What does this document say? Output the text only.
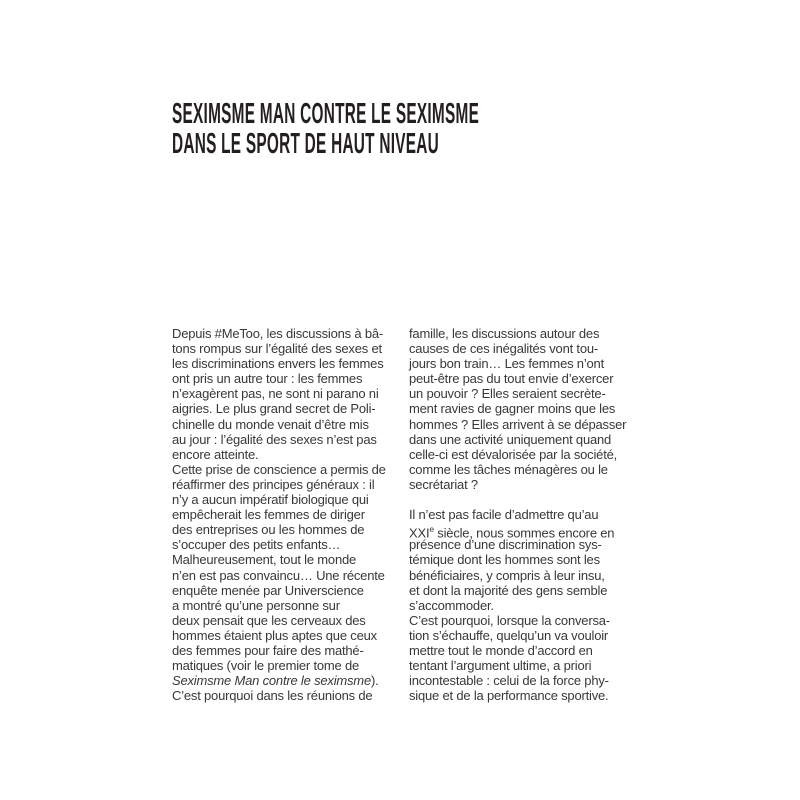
SEXIMSME MAN CONTRE LE SEXIMSME
DANS LE SPORT DE HAUT NIVEAU
Depuis #MeToo, les discussions à bâ-
tons rompus sur l’égalité des sexes et
les discriminations envers les femmes
ont pris un autre tour : les femmes
n’exagèrent pas, ne sont ni parano ni
aigries. Le plus grand secret de Poli-
chinelle du monde venait d’être mis
au jour : l’égalité des sexes n’est pas
encore atteinte.
Cette prise de conscience a permis de
réaffirmer des principes généraux : il
n’y a aucun impératif biologique qui
empêcherait les femmes de diriger
des entreprises ou les hommes de
s’occuper des petits enfants…
Malheureusement, tout le monde
n’en est pas convaincu… Une récente
enquête menée par Universcience
a montré qu’une personne sur
deux pensait que les cerveaux des
hommes étaient plus aptes que ceux
des femmes pour faire des mathé-
matiques (voir le premier tome de
Seximsme Man contre le seximsme).
C’est pourquoi dans les réunions de
famille, les discussions autour des
causes de ces inégalités vont tou-
jours bon train… Les femmes n’ont
peut-être pas du tout envie d’exercer
un pouvoir ? Elles seraient secrète-
ment ravies de gagner moins que les
hommes ? Elles arrivent à se dépasser
dans une activité uniquement quand
celle-ci est dévalorisée par la société,
comme les tâches ménagères ou le
secrétariat ?
Il n’est pas facile d’admettre qu’au
XXIe siècle, nous sommes encore en
présence d’une discrimination sys-
témique dont les hommes sont les
bénéficiaires, y compris à leur insu,
et dont la majorité des gens semble
s’accommoder.
C’est pourquoi, lorsque la conversa-
tion s’échauffe, quelqu’un va vouloir
mettre tout le monde d’accord en
tentant l’argument ultime, a priori
incontestable : celui de la force phy-
sique et de la performance sportive.
